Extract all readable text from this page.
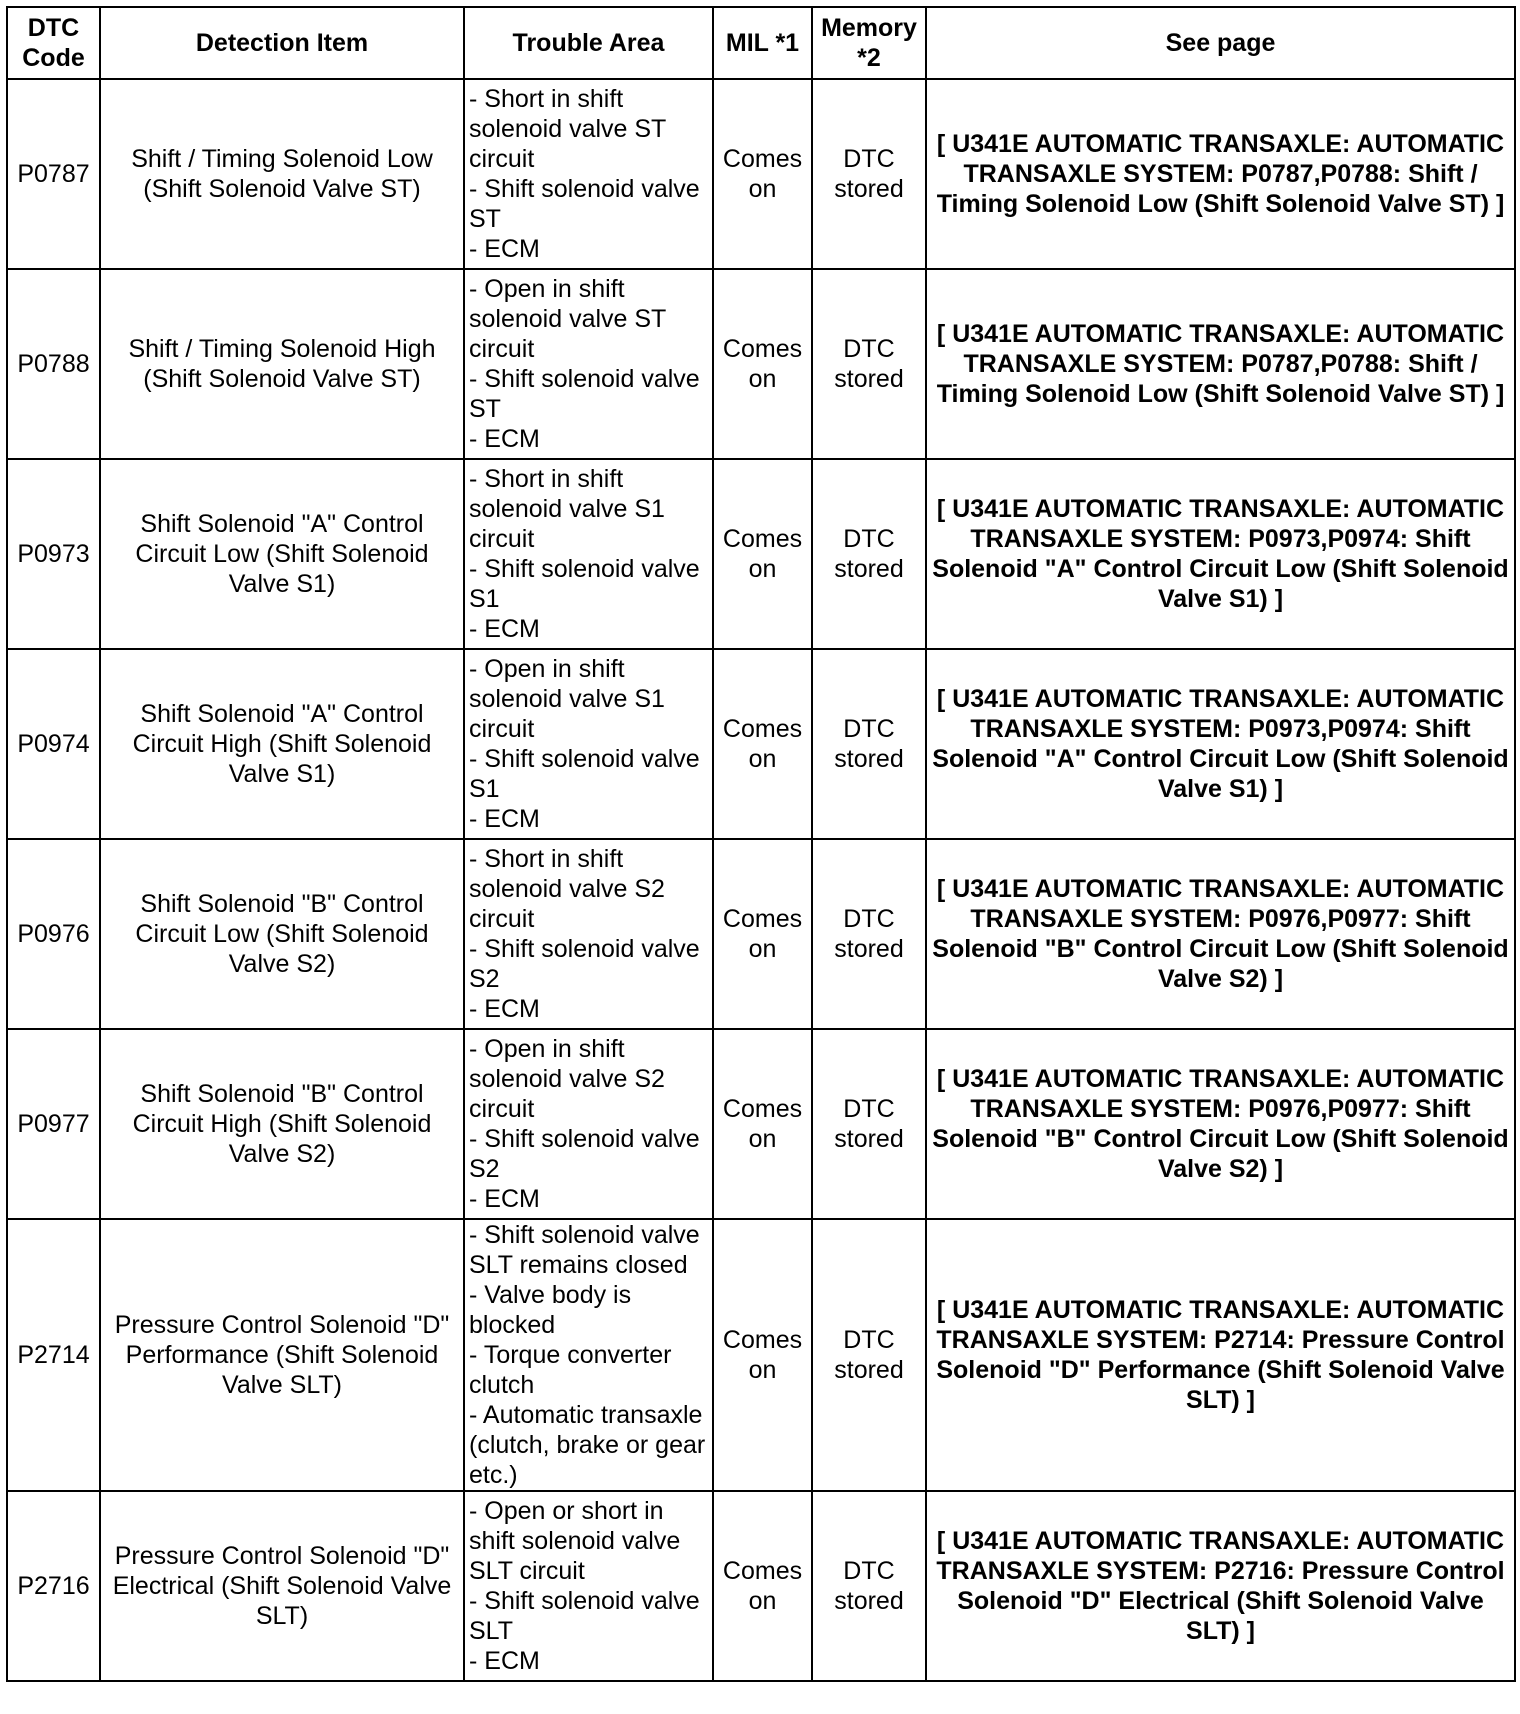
DTC Code	Detection Item	Trouble Area	MIL *1	Memory *2	See page
P0787	Shift / Timing Solenoid Low (Shift Solenoid Valve ST)	- Short in shift solenoid valve ST circuit
- Shift solenoid valve ST
- ECM	Comes on	DTC stored	[ U341E AUTOMATIC TRANSAXLE: AUTOMATIC TRANSAXLE SYSTEM: P0787,P0788: Shift / Timing Solenoid Low (Shift Solenoid Valve ST) ]
P0788	Shift / Timing Solenoid High (Shift Solenoid Valve ST)	- Open in shift solenoid valve ST circuit
- Shift solenoid valve ST
- ECM	Comes on	DTC stored	[ U341E AUTOMATIC TRANSAXLE: AUTOMATIC TRANSAXLE SYSTEM: P0787,P0788: Shift / Timing Solenoid Low (Shift Solenoid Valve ST) ]
P0973	Shift Solenoid "A" Control Circuit Low (Shift Solenoid Valve S1)	- Short in shift solenoid valve S1 circuit
- Shift solenoid valve S1
- ECM	Comes on	DTC stored	[ U341E AUTOMATIC TRANSAXLE: AUTOMATIC TRANSAXLE SYSTEM: P0973,P0974: Shift Solenoid "A" Control Circuit Low (Shift Solenoid Valve S1) ]
P0974	Shift Solenoid "A" Control Circuit High (Shift Solenoid Valve S1)	- Open in shift solenoid valve S1 circuit
- Shift solenoid valve S1
- ECM	Comes on	DTC stored	[ U341E AUTOMATIC TRANSAXLE: AUTOMATIC TRANSAXLE SYSTEM: P0973,P0974: Shift Solenoid "A" Control Circuit Low (Shift Solenoid Valve S1) ]
P0976	Shift Solenoid "B" Control Circuit Low (Shift Solenoid Valve S2)	- Short in shift solenoid valve S2 circuit
- Shift solenoid valve S2
- ECM	Comes on	DTC stored	[ U341E AUTOMATIC TRANSAXLE: AUTOMATIC TRANSAXLE SYSTEM: P0976,P0977: Shift Solenoid "B" Control Circuit Low (Shift Solenoid Valve S2) ]
P0977	Shift Solenoid "B" Control Circuit High (Shift Solenoid Valve S2)	- Open in shift solenoid valve S2 circuit
- Shift solenoid valve S2
- ECM	Comes on	DTC stored	[ U341E AUTOMATIC TRANSAXLE: AUTOMATIC TRANSAXLE SYSTEM: P0976,P0977: Shift Solenoid "B" Control Circuit Low (Shift Solenoid Valve S2) ]
P2714	Pressure Control Solenoid "D" Performance (Shift Solenoid Valve SLT)	- Shift solenoid valve SLT remains closed
- Valve body is blocked
- Torque converter clutch
- Automatic transaxle (clutch, brake or gear etc.)	Comes on	DTC stored	[ U341E AUTOMATIC TRANSAXLE: AUTOMATIC TRANSAXLE SYSTEM: P2714: Pressure Control Solenoid "D" Performance (Shift Solenoid Valve SLT) ]
P2716	Pressure Control Solenoid "D" Electrical (Shift Solenoid Valve SLT)	- Open or short in shift solenoid valve SLT circuit
- Shift solenoid valve SLT
- ECM	Comes on	DTC stored	[ U341E AUTOMATIC TRANSAXLE: AUTOMATIC TRANSAXLE SYSTEM: P2716: Pressure Control Solenoid "D" Electrical (Shift Solenoid Valve SLT) ]
